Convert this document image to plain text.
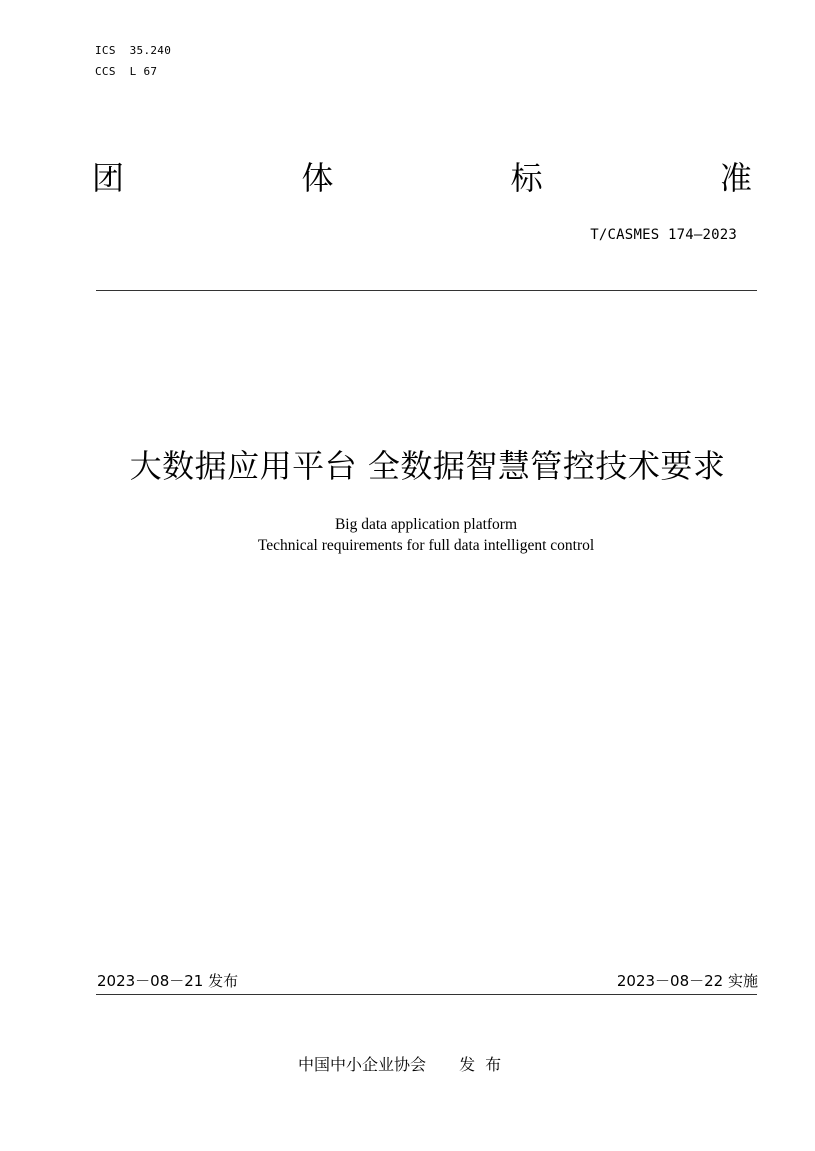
ICS  35.240
CCS  L 67
团	体	标	准
T/CASMES 174—2023
大数据应用平台 全数据智慧管控技术要求
Big data application platform
Technical requirements for full data intelligent control
2023－08－21 发布	2023－08－22 实施
中国中小企业协会 发布
